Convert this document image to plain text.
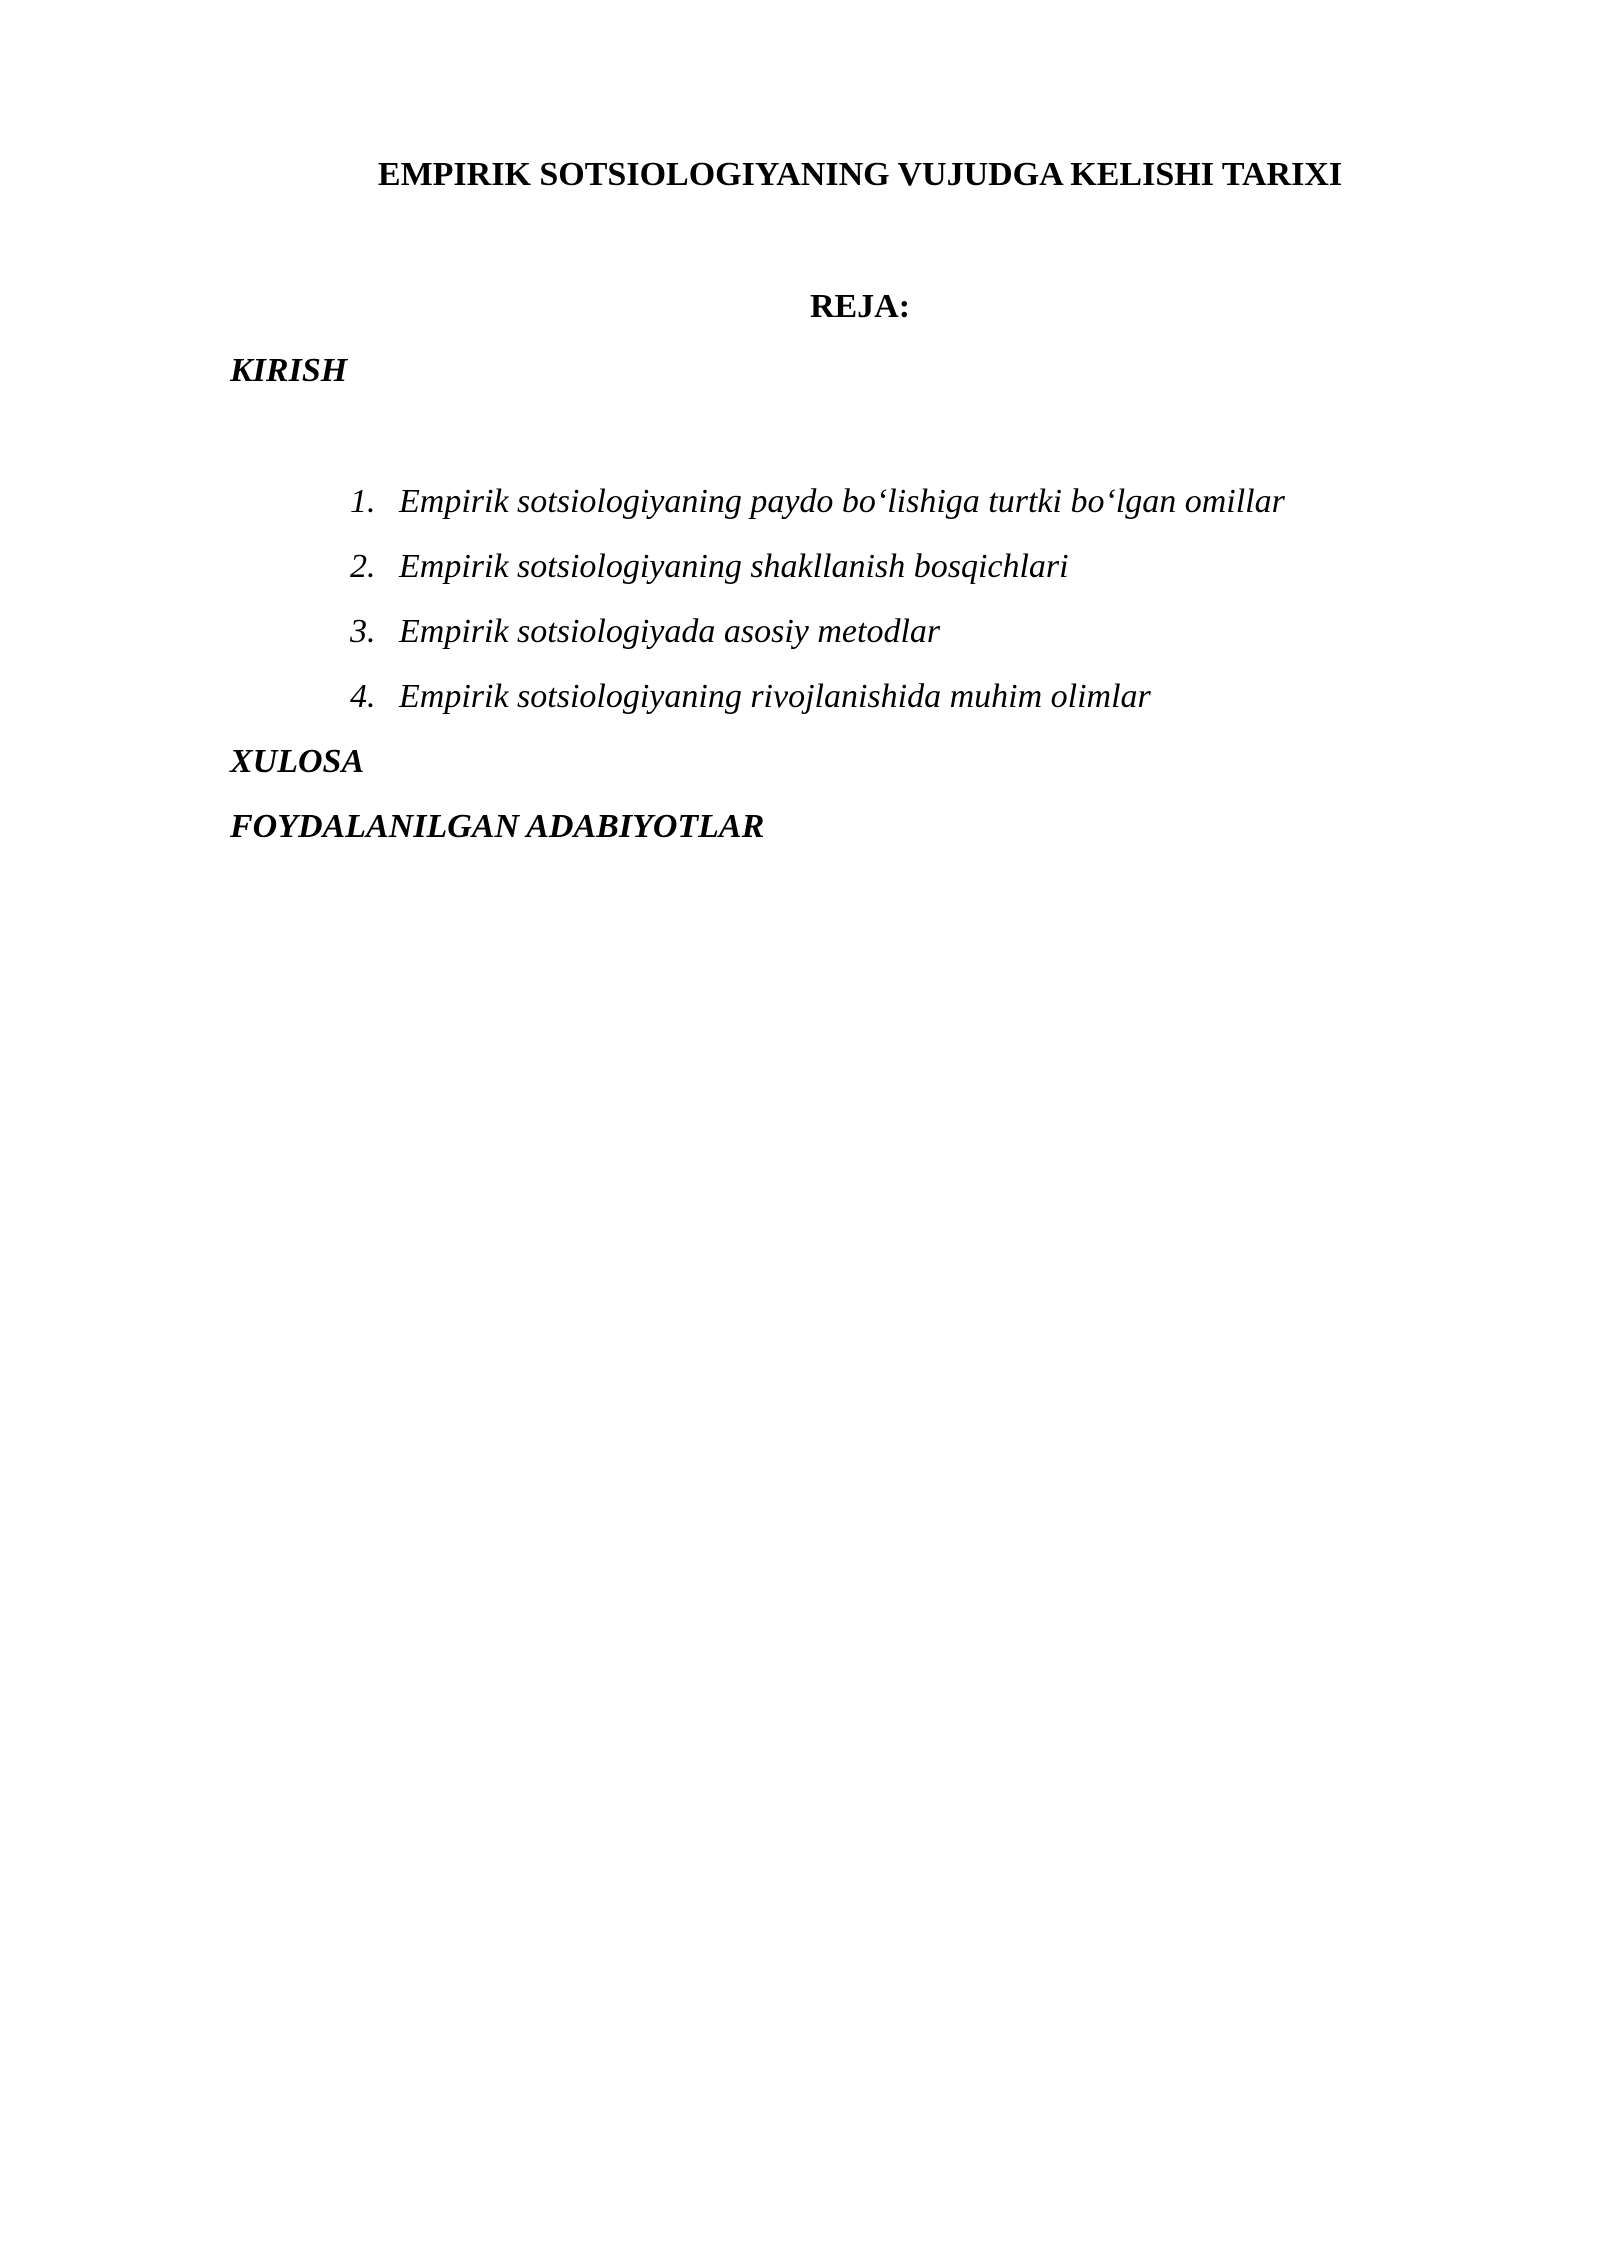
EMPIRIK SOTSIOLOGIYANING VUJUDGA KELISHI TARIXI
REJA:

KIRISH

1. Empirik sotsiologiyaning paydo bo‘lishiga turtki bo‘lgan omillar
2. Empirik sotsiologiyaning shakllanish bosqichlari
3. Empirik sotsiologiyada asosiy metodlar
4. Empirik sotsiologiyaning rivojlanishida muhim olimlar

XULOSA

FOYDALANILGAN ADABIYOTLAR
